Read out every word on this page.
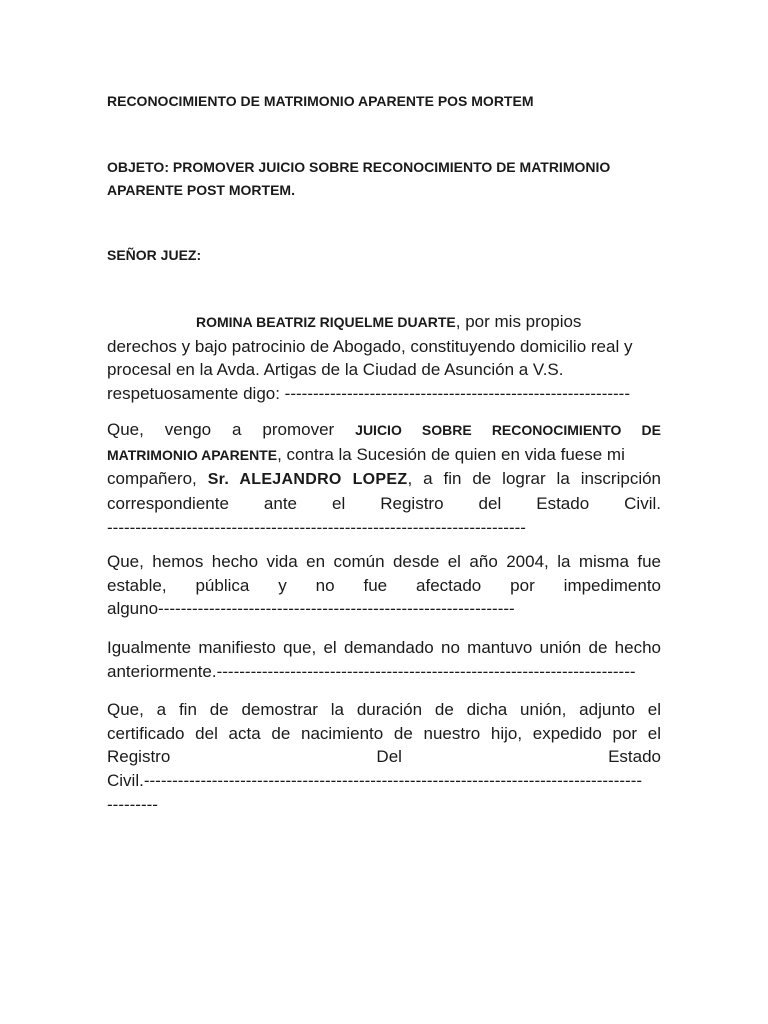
RECONOCIMIENTO DE MATRIMONIO APARENTE POS MORTEM

OBJETO: PROMOVER JUICIO SOBRE RECONOCIMIENTO DE MATRIMONIO
APARENTE POST MORTEM.

SEÑOR JUEZ:

ROMINA BEATRIZ RIQUELME DUARTE, por mis propios
derechos y bajo patrocinio de Abogado, constituyendo domicilio real y
procesal en la Avda. Artigas de la Ciudad de Asunción a V.S.
respetuosamente digo: -------------------------------------------------------------
Que, vengo a promover JUICIO SOBRE RECONOCIMIENTO DE
MATRIMONIO APARENTE, contra la Sucesión de quien en vida fuese mi
compañero, Sr. ALEJANDRO LOPEZ, a fin de lograr la inscripción
correspondiente ante el Registro del Estado Civil.
--------------------------------------------------------------------------
Que, hemos hecho vida en común desde el año 2004, la misma fue
estable, pública y no fue afectado por impedimento
alguno---------------------------------------------------------------
Igualmente manifiesto que, el demandado no mantuvo unión de hecho
anteriormente.--------------------------------------------------------------------------
Que, a fin de demostrar la duración de dicha unión, adjunto el
certificado del acta de nacimiento de nuestro hijo, expedido por el
Registro Del Estado
Civil.----------------------------------------------------------------------------------------
---------
